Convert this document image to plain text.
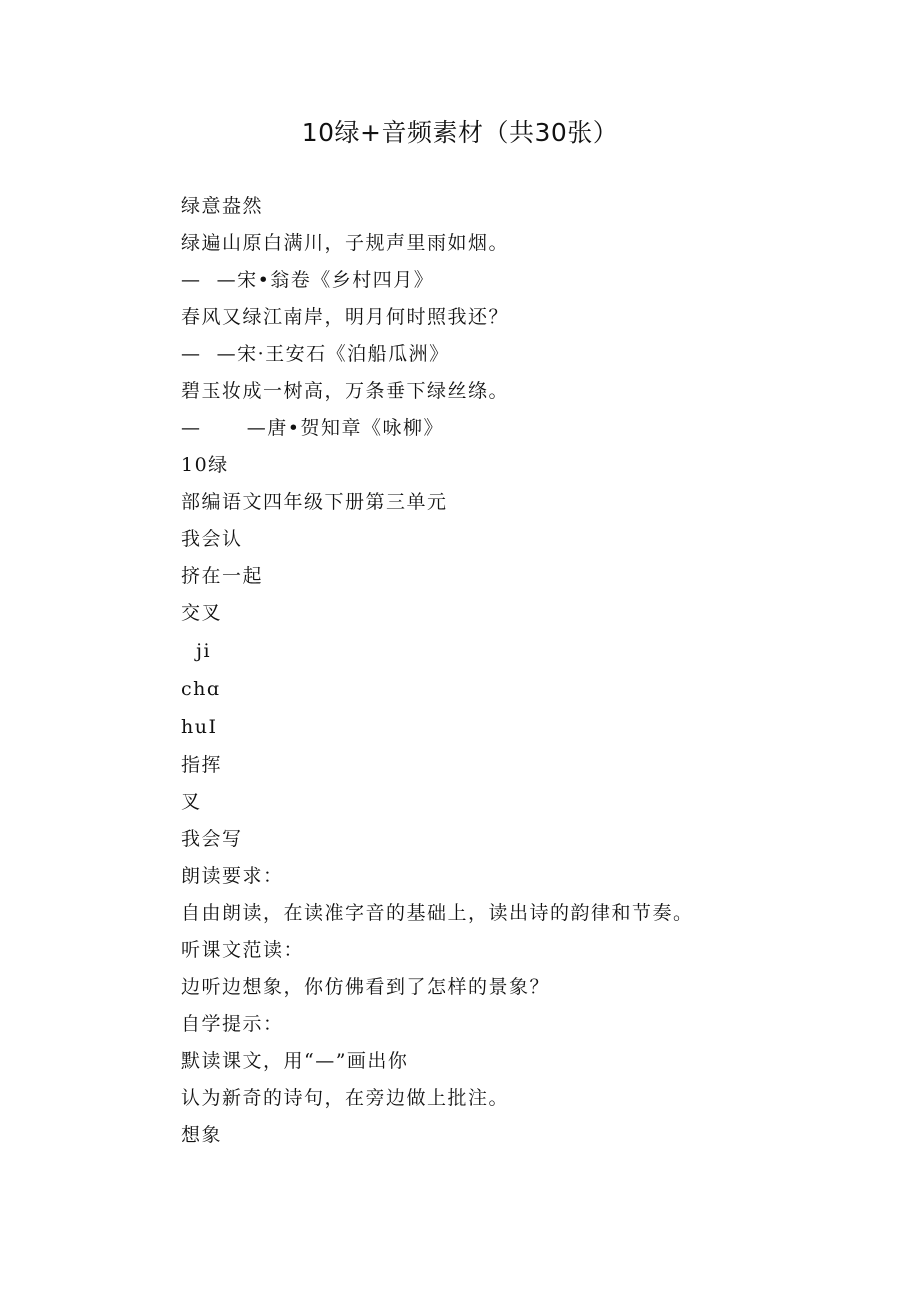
10绿+音频素材（共30张）
绿意盎然
绿遍山原白满川，子规声里雨如烟。
—  —宋•翁卷《乡村四月》
春风又绿江南岸，明月何时照我还？
—  —宋·王安石《泊船瓜洲》
碧玉妆成一树高，万条垂下绿丝绦。
—      —唐•贺知章《咏柳》
10绿
部编语文四年级下册第三单元
我会认
挤在一起
交叉
ji
chɑ
huI
指挥
叉
我会写
朗读要求：
自由朗读，在读准字音的基础上，读出诗的韵律和节奏。
听课文范读：
边听边想象，你仿佛看到了怎样的景象？
自学提示：
默读课文，用“—”画出你
认为新奇的诗句，在旁边做上批注。
想象
